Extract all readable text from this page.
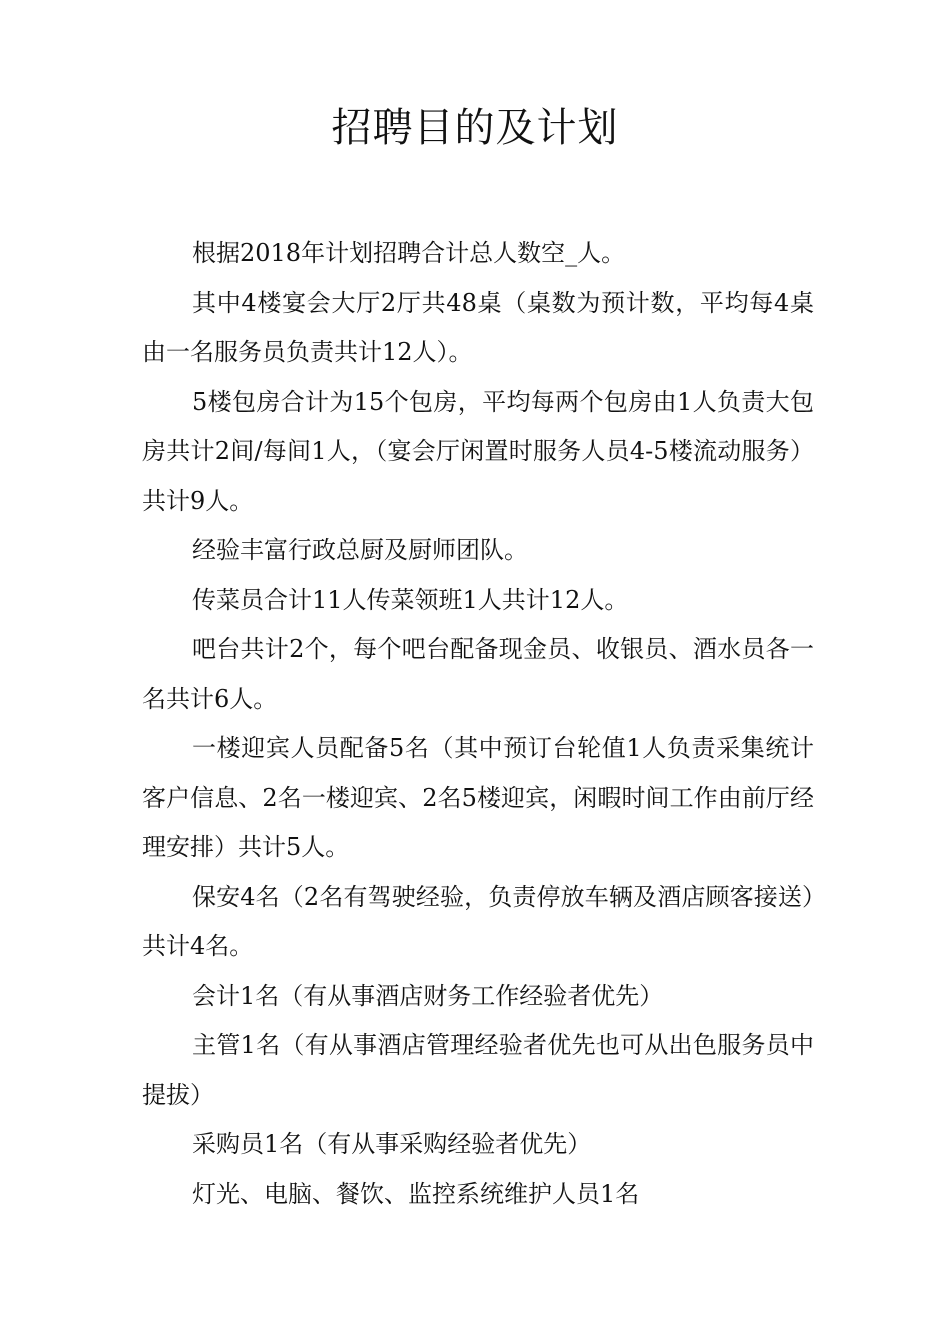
招聘目的及计划

根据2018年计划招聘合计总人数空_人。

其中4楼宴会大厅2厅共48桌（桌数为预计数，平均每4桌由一名服务员负责共计12人）。

5楼包房合计为15个包房，平均每两个包房由1人负责大包房共计2间/每间1人，（宴会厅闲置时服务人员4-5楼流动服务）共计9人。

经验丰富行政总厨及厨师团队。

传菜员合计11人传菜领班1人共计12人。

吧台共计2个，每个吧台配备现金员、收银员、酒水员各一名共计6人。

一楼迎宾人员配备5名（其中预订台轮值1人负责采集统计客户信息、2名一楼迎宾、2名5楼迎宾，闲暇时间工作由前厅经理安排）共计5人。

保安4名（2名有驾驶经验，负责停放车辆及酒店顾客接送）共计4名。

会计1名（有从事酒店财务工作经验者优先）

主管1名（有从事酒店管理经验者优先也可从出色服务员中提拔）

采购员1名（有从事采购经验者优先）

灯光、电脑、餐饮、监控系统维护人员1名
